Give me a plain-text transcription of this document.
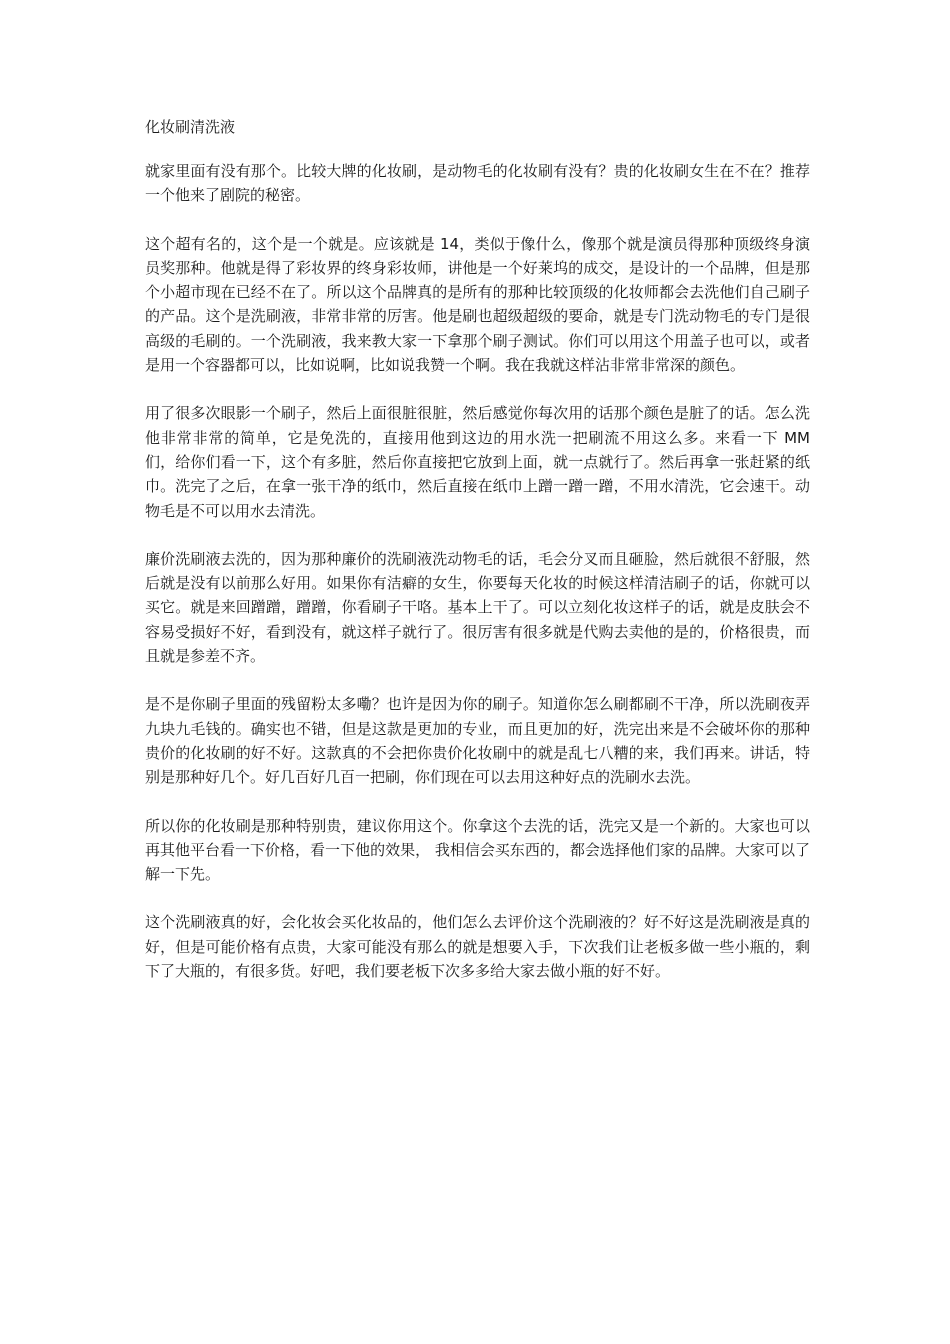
化妆刷清洗液

就家里面有没有那个。比较大牌的化妆刷，是动物毛的化妆刷有没有？贵的化妆刷女生在不在？推荐一个他来了剧院的秘密。

这个超有名的，这个是一个就是。应该就是 14，类似于像什么，像那个就是演员得那种顶级终身演员奖那种。他就是得了彩妆界的终身彩妆师，讲他是一个好莱坞的成交，是设计的一个品牌，但是那个小超市现在已经不在了。所以这个品牌真的是所有的那种比较顶级的化妆师都会去洗他们自己刷子的产品。这个是洗刷液，非常非常的厉害。他是刷也超级超级的要命，就是专门洗动物毛的专门是很高级的毛刷的。一个洗刷液，我来教大家一下拿那个刷子测试。你们可以用这个用盖子也可以，或者是用一个容器都可以，比如说啊，比如说我赞一个啊。我在我就这样沾非常非常深的颜色。

用了很多次眼影一个刷子，然后上面很脏很脏，然后感觉你每次用的话那个颜色是脏了的话。怎么洗他非常非常的简单，它是免洗的，直接用他到这边的用水洗一把刷流不用这么多。来看一下 MM 们，给你们看一下，这个有多脏，然后你直接把它放到上面，就一点就行了。然后再拿一张赶紧的纸巾。洗完了之后，在拿一张干净的纸巾，然后直接在纸巾上蹭一蹭一蹭，不用水清洗，它会速干。动物毛是不可以用水去清洗。

廉价洗刷液去洗的，因为那种廉价的洗刷液洗动物毛的话，毛会分叉而且砸脸，然后就很不舒服，然后就是没有以前那么好用。如果你有洁癖的女生，你要每天化妆的时候这样清洁刷子的话，你就可以买它。就是来回蹭蹭，蹭蹭，你看刷子干咯。基本上干了。可以立刻化妆这样子的话，就是皮肤会不容易受损好不好，看到没有，就这样子就行了。很厉害有很多就是代购去卖他的是的，价格很贵，而且就是参差不齐。

是不是你刷子里面的残留粉太多嘞？也许是因为你的刷子。知道你怎么刷都刷不干净，所以洗刷夜弄九块九毛钱的。确实也不错，但是这款是更加的专业，而且更加的好，洗完出来是不会破坏你的那种贵价的化妆刷的好不好。这款真的不会把你贵价化妆刷中的就是乱七八糟的来，我们再来。讲话，特别是那种好几个。好几百好几百一把刷，你们现在可以去用这种好点的洗刷水去洗。

所以你的化妆刷是那种特别贵，建议你用这个。你拿这个去洗的话，洗完又是一个新的。大家也可以再其他平台看一下价格，看一下他的效果， 我相信会买东西的，都会选择他们家的品牌。大家可以了解一下先。

这个洗刷液真的好，会化妆会买化妆品的，他们怎么去评价这个洗刷液的？好不好这是洗刷液是真的好，但是可能价格有点贵，大家可能没有那么的就是想要入手，下次我们让老板多做一些小瓶的，剩下了大瓶的，有很多货。好吧，我们要老板下次多多给大家去做小瓶的好不好。
